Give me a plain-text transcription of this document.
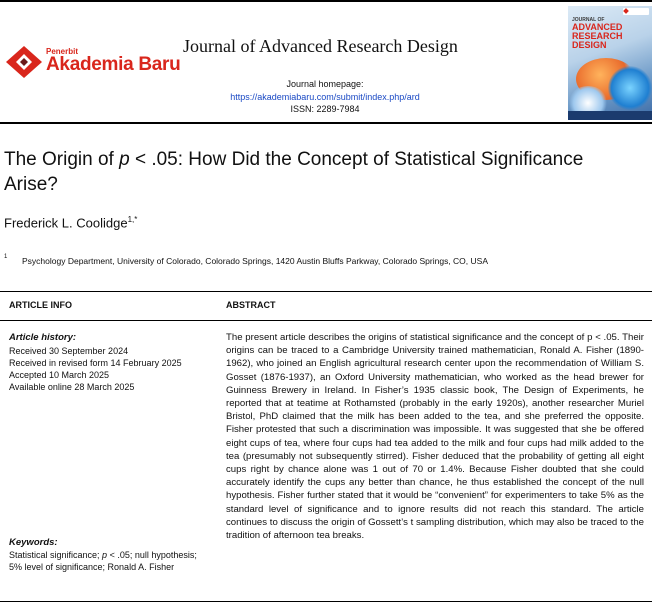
Penerbit
Akademia Baru
Journal of Advanced Research Design
Journal homepage:
https://akademiabaru.com/submit/index.php/ard
ISSN: 2289-7984
JOURNAL OF
ADVANCED RESEARCH DESIGN
The Origin of p < .05: How Did the Concept of Statistical Significance Arise?
Frederick L. Coolidge$^{1,*}$
1 Psychology Department, University of Colorado, Colorado Springs, 1420 Austin Bluffs Parkway, Colorado Springs, CO, USA
ARTICLE INFO	ABSTRACT
Article history:
Received 30 September 2024
Received in revised form 14 February 2025
Accepted 10 March 2025
Available online 28 March 2025
Keywords:
Statistical significance; p < .05; null hypothesis; 5% level of significance; Ronald A. Fisher
The present article describes the origins of statistical significance and the concept of p < .05. Their origins can be traced to a Cambridge University trained mathematician, Ronald A. Fisher (1890-1962), who joined an English agricultural research center upon the recommendation of William S. Gosset (1876-1937), an Oxford University mathematician, who worked as the head brewer for Guinness Brewery in Ireland. In Fisher’s 1935 classic book, The Design of Experiments, he reported that at teatime at Rothamsted (probably in the early 1920s), another researcher Muriel Bristol, PhD claimed that the milk has been added to the tea, and she preferred the opposite. Fisher protested that such a discrimination was impossible. It was suggested that she be offered eight cups of tea, where four cups had tea added to the milk and four cups had milk added to the tea (presumably not subsequently stirred). Fisher deduced that the probability of getting all eight cups right by chance alone was 1 out of 70 or 1.4%. Because Fisher doubted that she could accurately identify the cups any better than chance, he thus established the concept of the null hypothesis. Fisher further stated that it would be “convenient” for experimenters to take 5% as the standard level of significance and to ignore results did not reach this standard. The article continues to discuss the origin of Gossett’s t sampling distribution, which may also be traced to the tradition of afternoon tea breaks.
